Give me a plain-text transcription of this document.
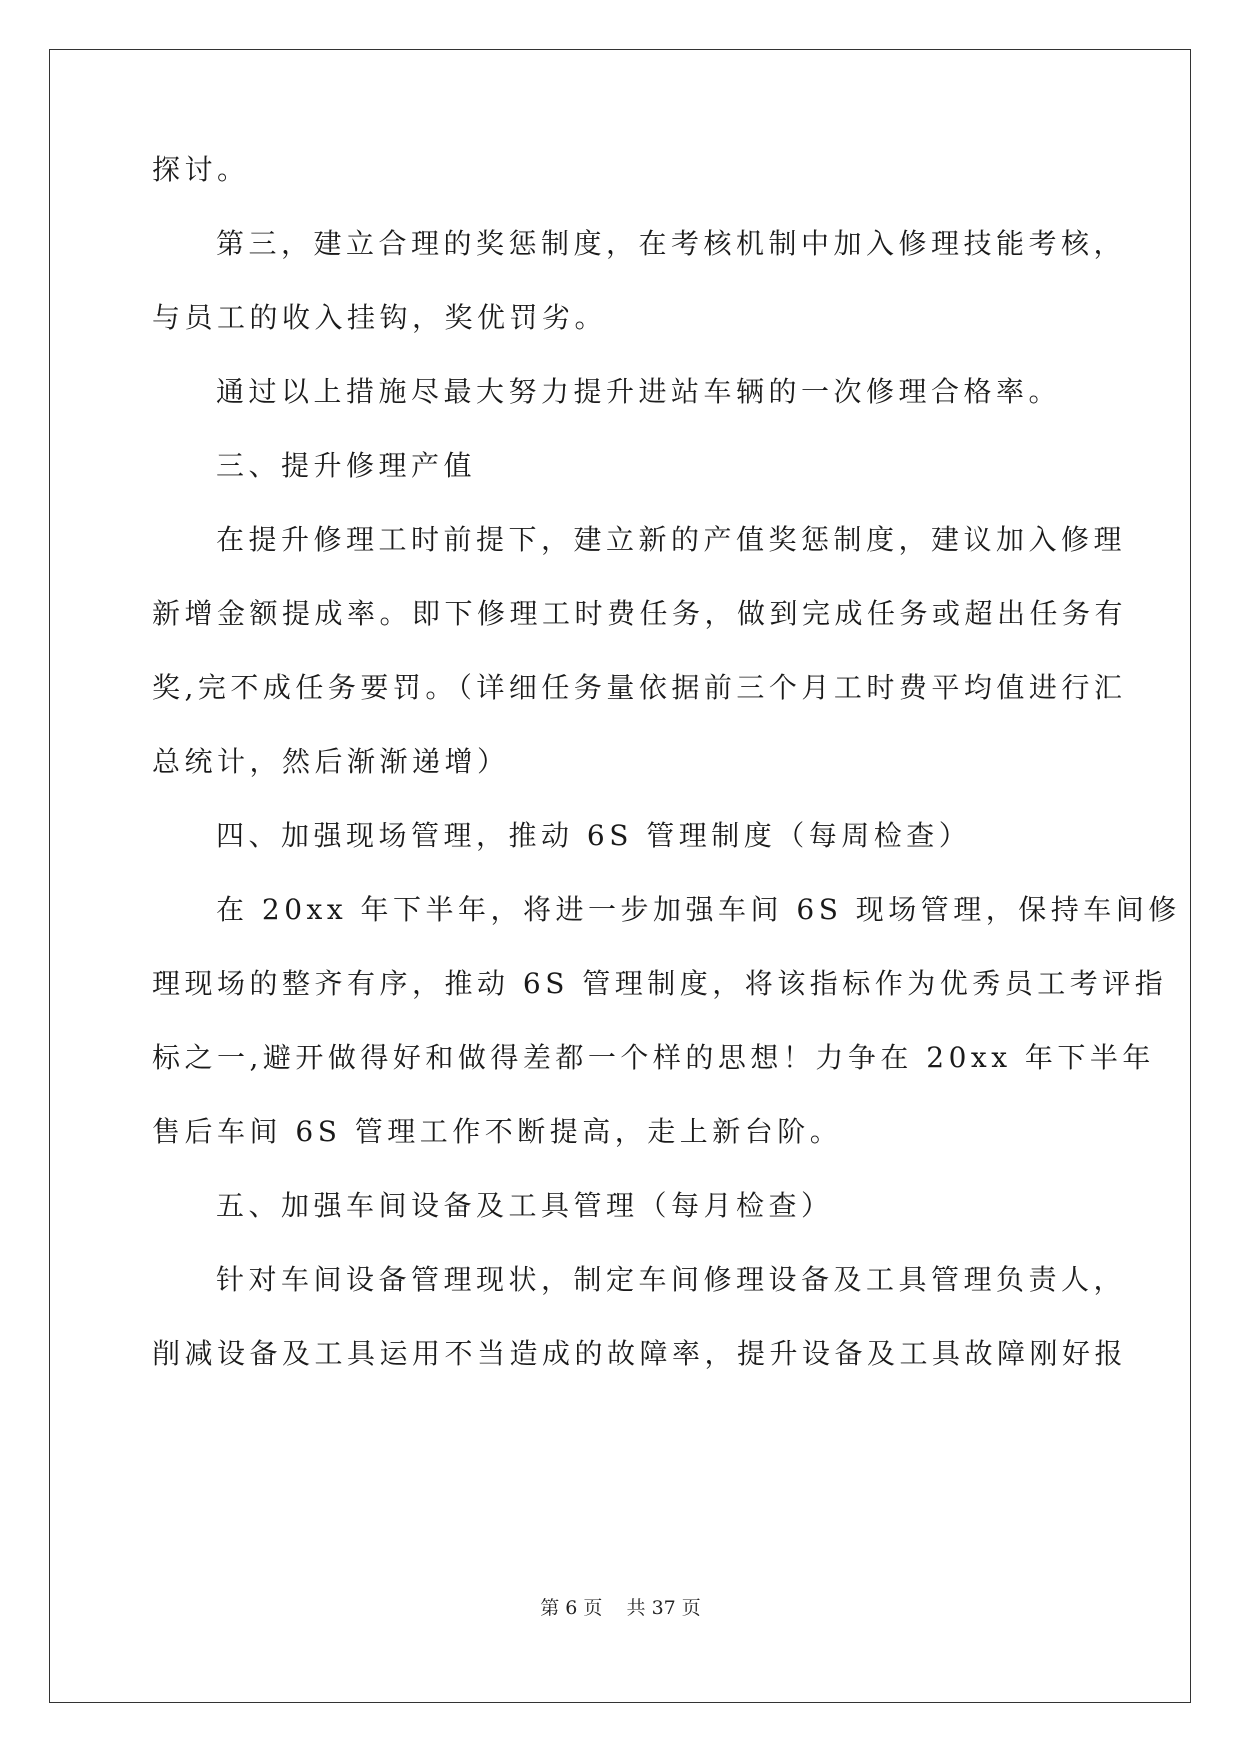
探讨。
第三，建立合理的奖惩制度，在考核机制中加入修理技能考核，
与员工的收入挂钩，奖优罚劣。
通过以上措施尽最大努力提升进站车辆的一次修理合格率。
三、提升修理产值
在提升修理工时前提下，建立新的产值奖惩制度，建议加入修理
新增金额提成率。即下修理工时费任务，做到完成任务或超出任务有
奖,完不成任务要罚。（详细任务量依据前三个月工时费平均值进行汇
总统计，然后渐渐递增）
四、加强现场管理，推动 6S 管理制度（每周检查）
在 20xx 年下半年，将进一步加强车间 6S 现场管理，保持车间修
理现场的整齐有序，推动 6S 管理制度，将该指标作为优秀员工考评指
标之一,避开做得好和做得差都一个样的思想！力争在 20xx 年下半年
售后车间 6S 管理工作不断提高，走上新台阶。
五、加强车间设备及工具管理（每月检查）
针对车间设备管理现状，制定车间修理设备及工具管理负责人，
削减设备及工具运用不当造成的故障率，提升设备及工具故障刚好报
第 6 页    共 37 页
